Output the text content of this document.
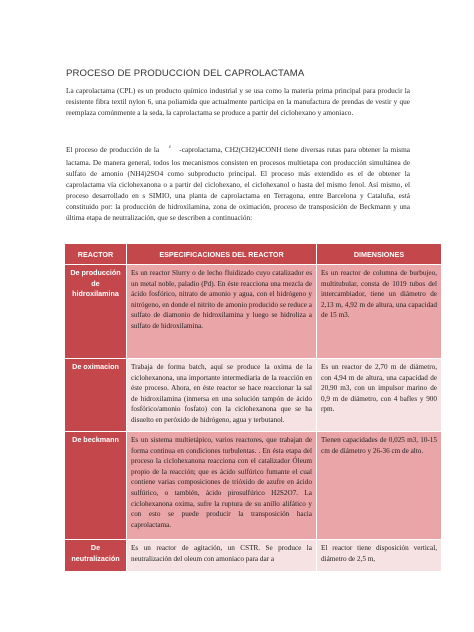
PROCESO DE PRODUCCION DEL CAPROLACTAMA
La caprolactama (CPL) es un producto químico industrial y se usa como la materia prima principal para producir la resistente fibra textil nylon 6, una poliamida que actualmente participa en la manufactura de prendas de vestir y que reemplaza comúnmente a la seda, la caprolactama se produce a partir del ciclohexano y amoniaco.
El proceso de producción de la $^\varepsilon$ -caprolactama, CH2(CH2)4CONH tiene diversas rutas para obtener la misma lactama. De manera general, todos los mecanismos consisten en procesos multietapa con producción simultánea de sulfato de amonio (NH4)2SO4 como subproducto principal. El proceso más extendido es el de obtener la caprolactama vía ciclohexanona o a partir del ciclohexano, el ciclohexanol o hasta del mismo fenol. Así mismo, el proceso desarrollado en s SIMIO, una planta de caprolactama en Terragona, entre Barcelona y Cataluña, está constituido por: la producción de hidroxilamina, zona de oximación, proceso de transposición de Beckmann y una última etapa de neutralización, que se describen a continuación:
REACTOR	ESPECIFICACIONES DEL REACTOR	DIMENSIONES
De producción de hidroxilamina	Es un reactor Slurry o de lecho fluidizado cuyo catalizador es un metal noble, paladio (Pd). En éste reacciona una mezcla de ácido fosfórico, nitrato de amonio y agua, con el hidrógeno y nitrógeno, en donde el nitrito de amonio producido se reduce a sulfato de diamonio de hidroxilamina y luego se hidroliza a sulfato de hidroxilamina.	Es un reactor de columna de burbujeo, multitubular, consta de 1019 tubos del intercambiador, tiene un diámetro de 2,13 m, 4,92 m de altura, una capacidad de 15 m3.
De oximacion	Trabaja de forma batch, aquí se produce la oxima de la ciclohexanona, una importante intermediaria de la reacción en éste proceso. Ahora, en éste reactor se hace reaccionar la sal de hidroxilamina (inmersa en una solución tampón de ácido fosfórico/amonio fosfato) con la ciclohexanona que se ha disuelto en peróxido de hidrógeno, agua y terbutanol.	Es un reactor de 2,70 m de diámetro, con 4,94 m de altura, una capacidad de 20,90 m3, con un impulsor marino de 0,9 m de diámetro, con 4 bafles y 900 rpm.
De beckmann	Es un sistema multietápico, varios reactores, que trabajan de forma continua en condiciones turbulentas. . En ésta etapa del proceso la ciclohexanona reacciona con el catalizador Óleum propio de la reacción; que es ácido sulfúrico fumante el cual contiene varias composiciones de trióxido de azufre en ácido sulfúrico, o también, ácido pirosulfúrico H2S2O7. La ciclohexanona oxima, sufre la ruptura de su anillo alifático y con esto se puede producir la transposición hacia caprolactama.	Tienen capacidades de 0,025 m3, 10-15 cm de diámetro y 26-36 cm de alto.
De neutralización	Es un reactor de agitación, un CSTR. Se produce la neutralización del oleum con amoniaco para dar a	El reactor tiene disposición vertical, diámetro de 2,5 m,
